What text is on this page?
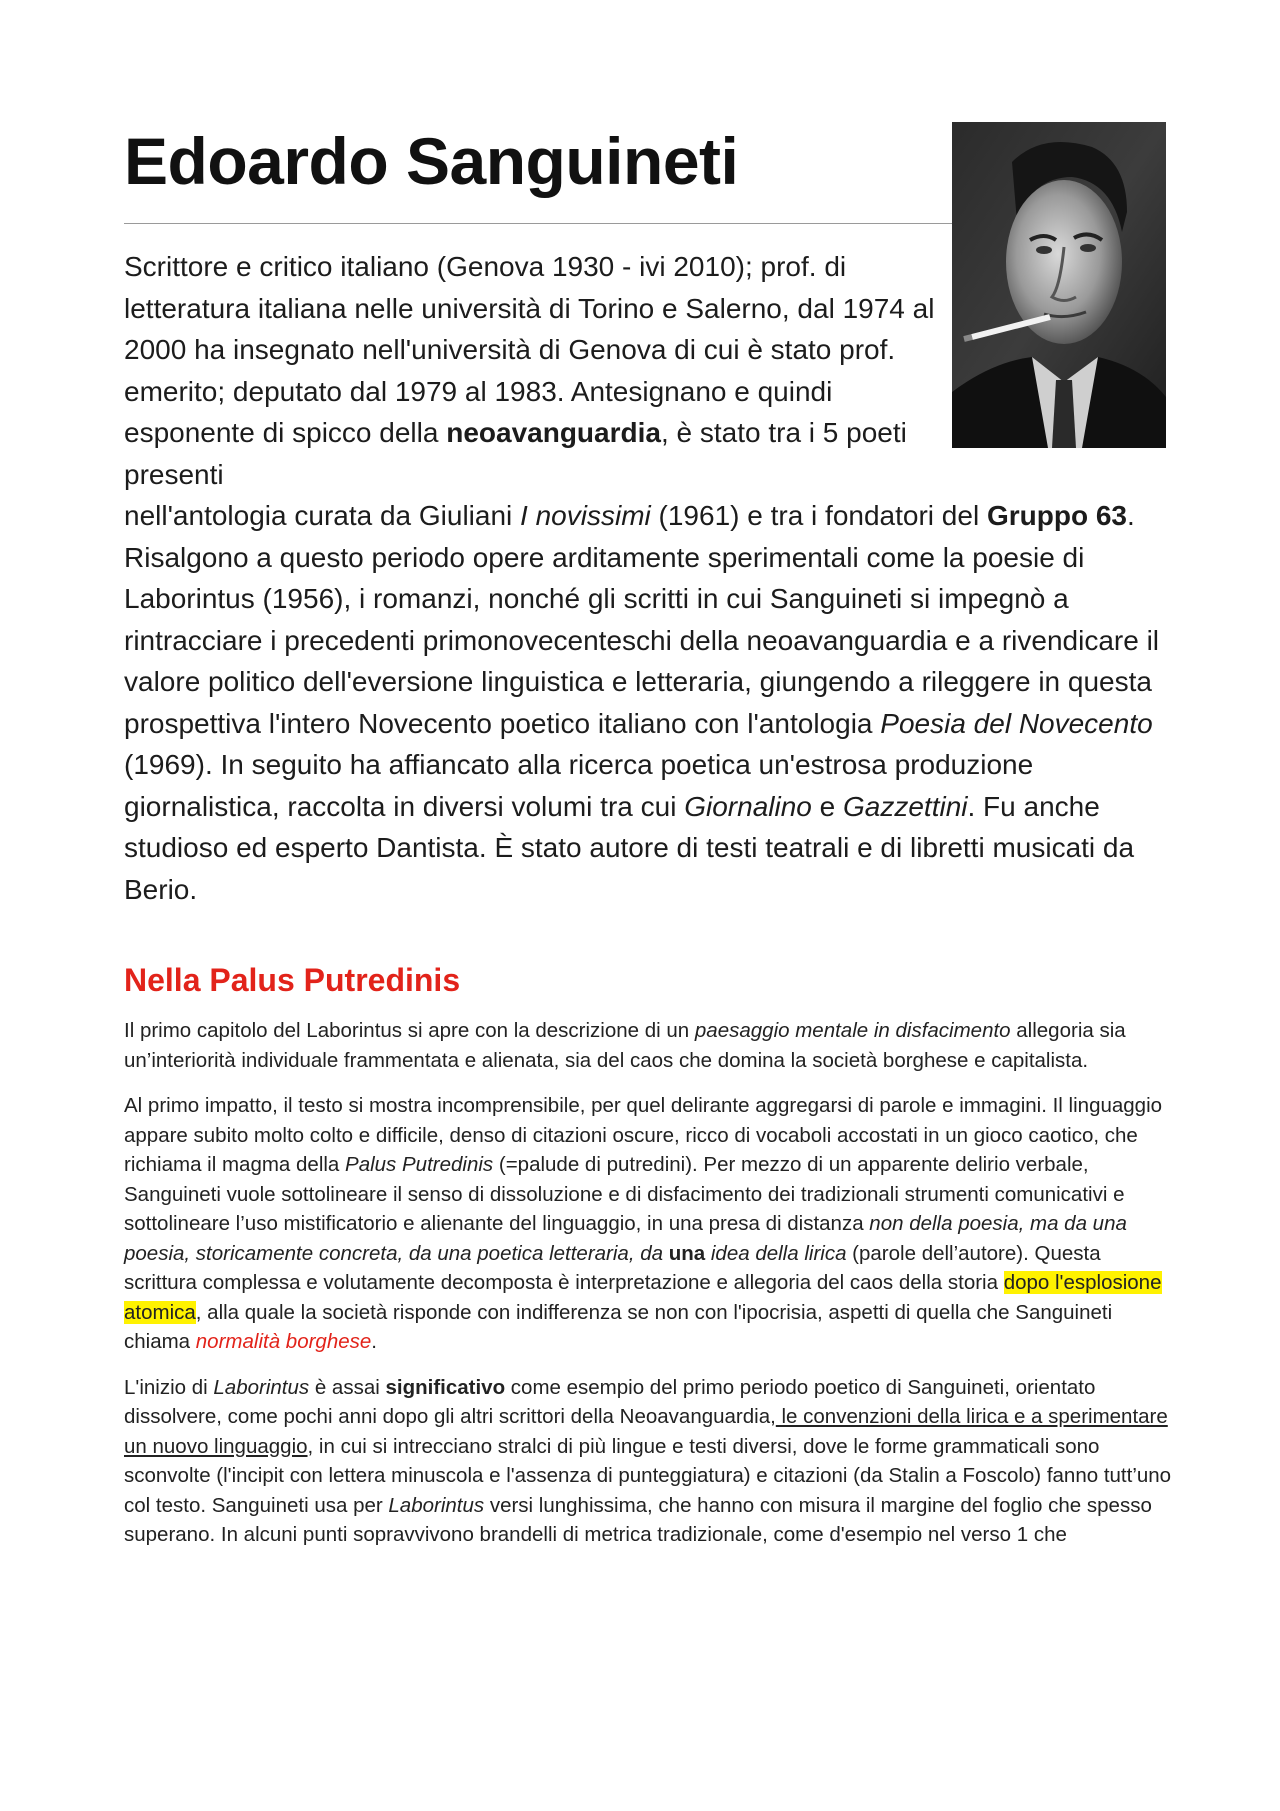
Edoardo Sanguineti

Scrittore e critico italiano (Genova 1930 - ivi 2010); prof. di letteratura italiana nelle università di Torino e Salerno, dal 1974 al 2000 ha insegnato nell'università di Genova di cui è stato prof. emerito; deputato dal 1979 al 1983. Antesignano e quindi esponente di spicco della neoavanguardia, è stato tra i 5 poeti presenti

nell'antologia curata da Giuliani I novissimi (1961) e tra i fondatori del Gruppo 63. Risalgono a questo periodo opere arditamente sperimentali come la poesie di Laborintus (1956), i romanzi, nonché gli scritti in cui Sanguineti si impegnò a rintracciare i precedenti primonovecenteschi della neoavanguardia e a rivendicare il valore politico dell'eversione linguistica e letteraria, giungendo a rileggere in questa prospettiva l'intero Novecento poetico italiano con l'antologia Poesia del Novecento (1969). In seguito ha affiancato alla ricerca poetica un'estrosa produzione giornalistica, raccolta in diversi volumi tra cui Giornalino e Gazzettini. Fu anche studioso ed esperto Dantista. È stato autore di testi teatrali e di libretti musicati da Berio.

Nella Palus Putredinis

Il primo capitolo del Laborintus si apre con la descrizione di un paesaggio mentale in disfacimento allegoria sia un’interiorità individuale frammentata e alienata, sia del caos che domina la società borghese e capitalista.

Al primo impatto, il testo si mostra incomprensibile, per quel delirante aggregarsi di parole e immagini. Il linguaggio appare subito molto colto e difficile, denso di citazioni oscure, ricco di vocaboli accostati in un gioco caotico, che richiama il magma della Palus Putredinis (=palude di putredini). Per mezzo di un apparente delirio verbale, Sanguineti vuole sottolineare il senso di dissoluzione e di disfacimento dei tradizionali strumenti comunicativi e sottolineare l’uso mistificatorio e alienante del linguaggio, in una presa di distanza non della poesia, ma da una poesia, storicamente concreta, da una poetica letteraria, da una idea della lirica (parole dell’autore). Questa scrittura complessa e volutamente decomposta è interpretazione e allegoria del caos della storia dopo l'esplosione atomica, alla quale la società risponde con indifferenza se non con l'ipocrisia, aspetti di quella che Sanguineti chiama normalità borghese.

L'inizio di Laborintus è assai significativo come esempio del primo periodo poetico di Sanguineti, orientato dissolvere, come pochi anni dopo gli altri scrittori della Neoavanguardia, le convenzioni della lirica e a sperimentare un nuovo linguaggio, in cui si intrecciano stralci di più lingue e testi diversi, dove le forme grammaticali sono sconvolte (l'incipit con lettera minuscola e l'assenza di punteggiatura) e citazioni (da Stalin a Foscolo) fanno tutt’uno col testo. Sanguineti usa per Laborintus versi lunghissima, che hanno con misura il margine del foglio che spesso superano. In alcuni punti sopravvivono brandelli di metrica tradizionale, come d'esempio nel verso 1 che
